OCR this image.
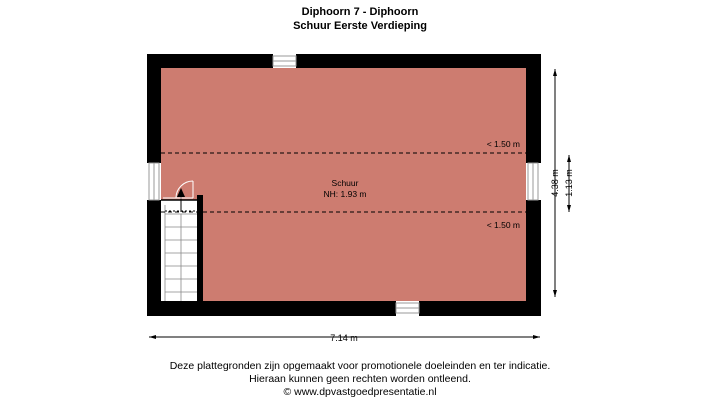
Diphoorn 7 - Diphoorn
Schuur Eerste Verdieping
< 1.50 m
< 1.50 m
Schuur
NH: 1.93 m
7.14 m
4.38 m 1.13 m
Deze plattegronden zijn opgemaakt voor promotionele doeleinden en ter indicatie.
Hieraan kunnen geen rechten worden ontleend.
© www.dpvastgoedpresentatie.nl
